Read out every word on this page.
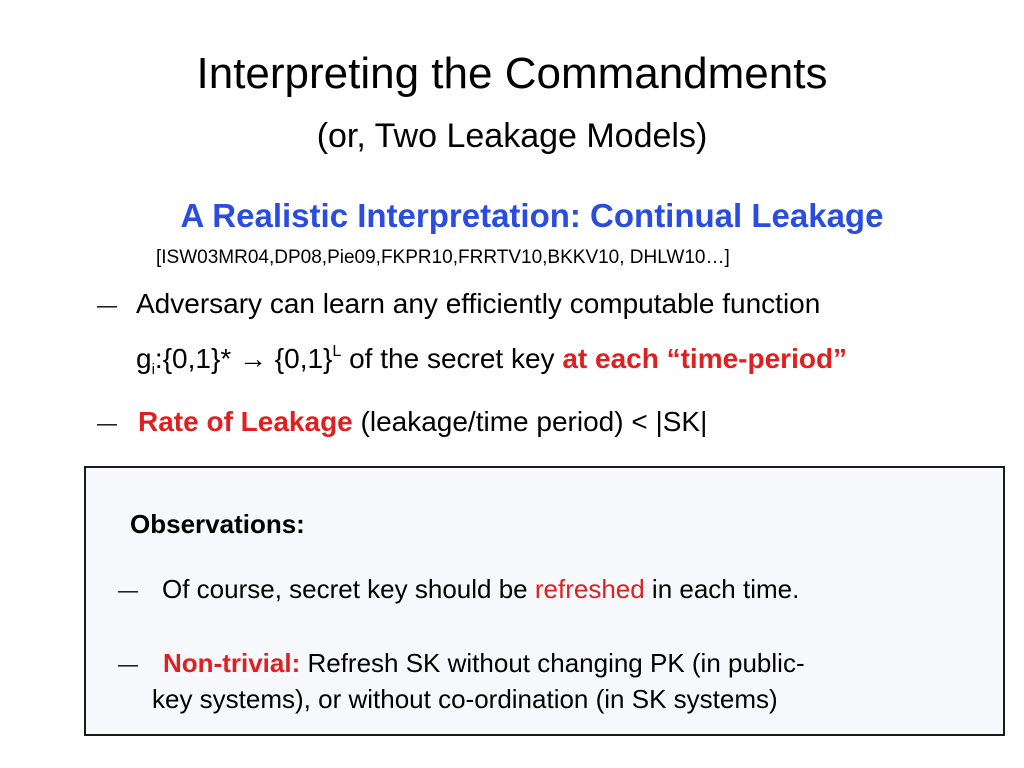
Interpreting the Commandments
(or, Two Leakage Models)
A Realistic Interpretation: Continual Leakage
[ISW03MR04,DP08,Pie09,FKPR10,FRRTV10,BKKV10, DHLW10…]
— Adversary can learn any efficiently computable function
$g_i:\{0,1\}* \to \{0,1\}^L$ of the secret key at each “time-period”
— Rate of Leakage (leakage/time period) < |SK|
Observations:
— Of course, secret key should be refreshed in each time.
— Non-trivial: Refresh SK without changing PK (in public-
key systems), or without co-ordination (in SK systems)
